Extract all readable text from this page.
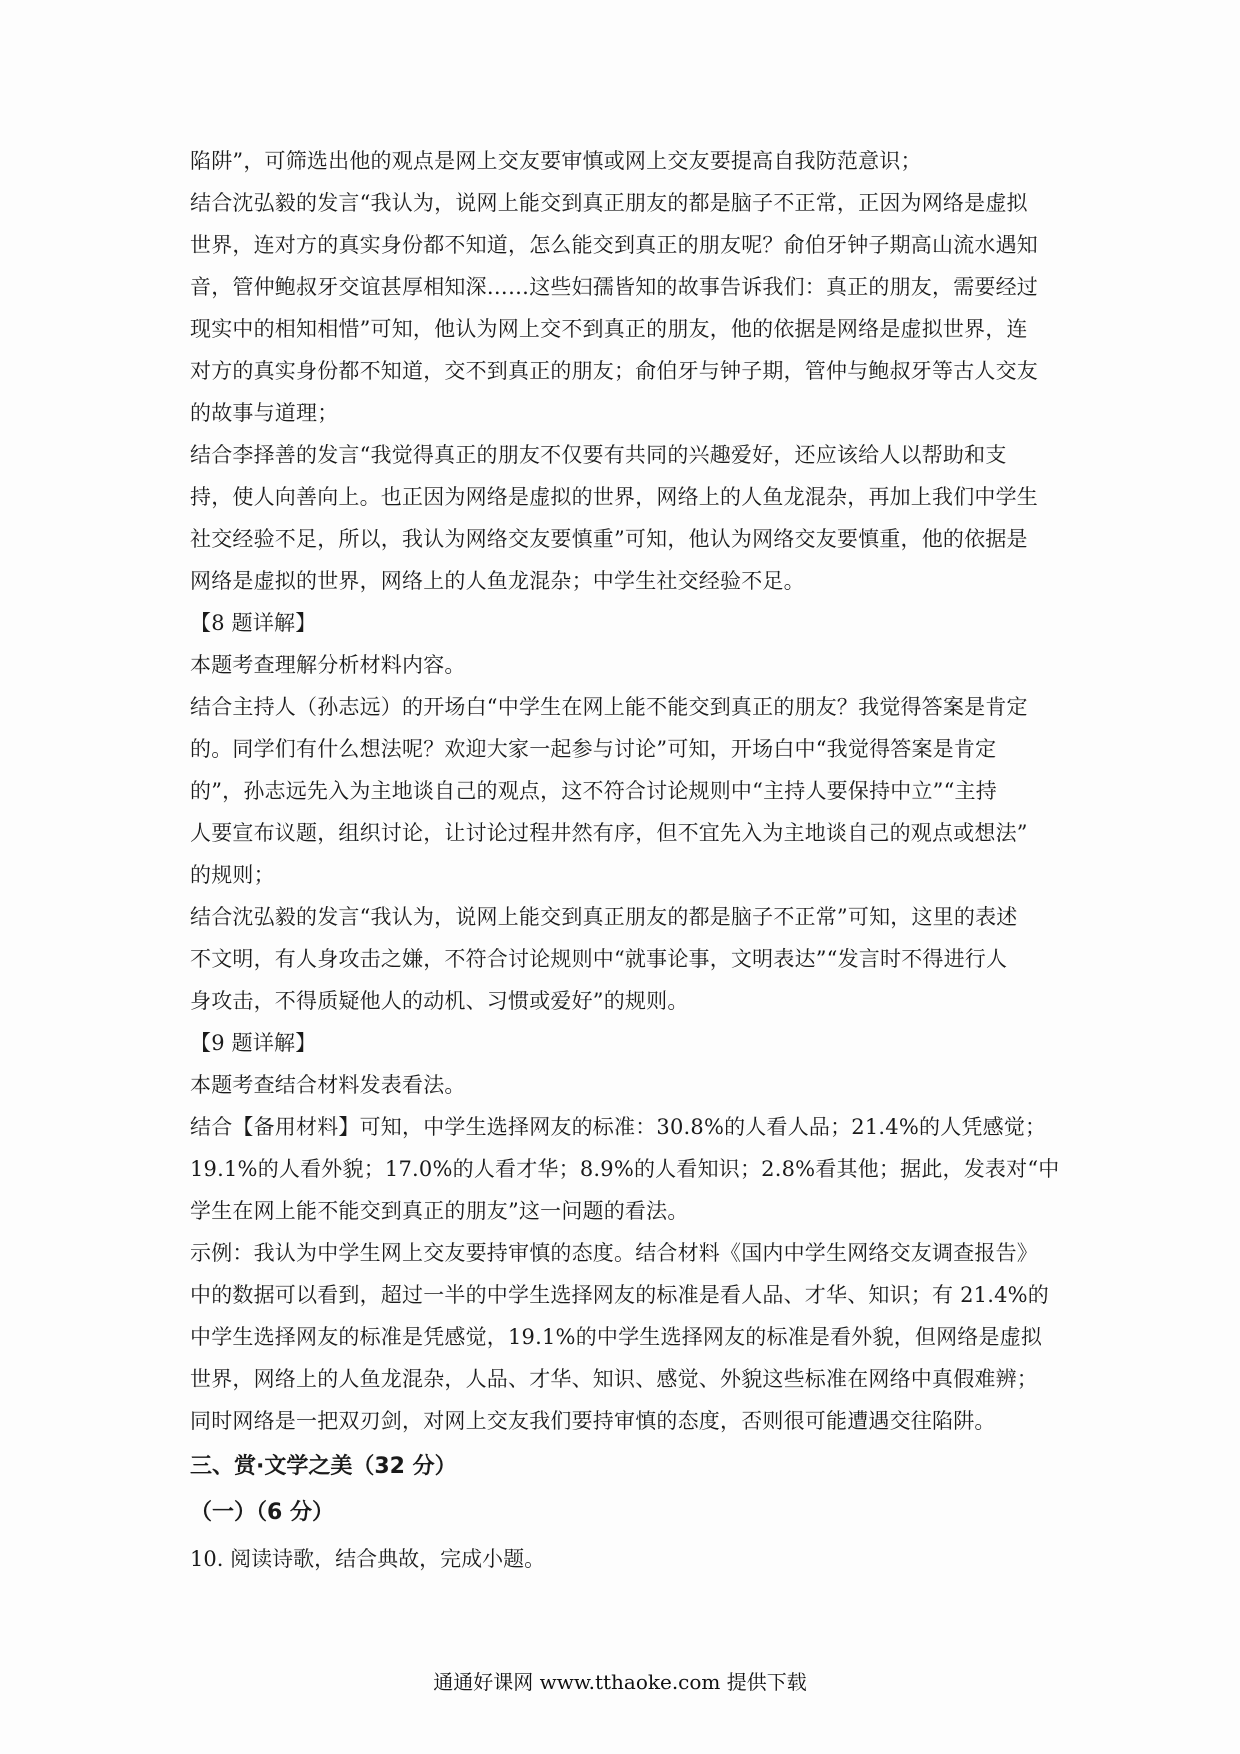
陷阱”，可筛选出他的观点是网上交友要审慎或网上交友要提高自我防范意识；
结合沈弘毅的发言“我认为，说网上能交到真正朋友的都是脑子不正常，正因为网络是虚拟
世界，连对方的真实身份都不知道，怎么能交到真正的朋友呢？俞伯牙钟子期高山流水遇知
音，管仲鲍叔牙交谊甚厚相知深……这些妇孺皆知的故事告诉我们：真正的朋友，需要经过
现实中的相知相惜”可知，他认为网上交不到真正的朋友，他的依据是网络是虚拟世界，连
对方的真实身份都不知道，交不到真正的朋友；俞伯牙与钟子期，管仲与鲍叔牙等古人交友
的故事与道理；
结合李择善的发言“我觉得真正的朋友不仅要有共同的兴趣爱好，还应该给人以帮助和支
持，使人向善向上。也正因为网络是虚拟的世界，网络上的人鱼龙混杂，再加上我们中学生
社交经验不足，所以，我认为网络交友要慎重”可知，他认为网络交友要慎重，他的依据是
网络是虚拟的世界，网络上的人鱼龙混杂；中学生社交经验不足。
【8 题详解】
本题考查理解分析材料内容。
结合主持人（孙志远）的开场白“中学生在网上能不能交到真正的朋友？我觉得答案是肯定
的。同学们有什么想法呢？欢迎大家一起参与讨论”可知，开场白中“我觉得答案是肯定
的”，孙志远先入为主地谈自己的观点，这不符合讨论规则中“主持人要保持中立”“主持
人要宣布议题，组织讨论，让讨论过程井然有序，但不宜先入为主地谈自己的观点或想法”
的规则；
结合沈弘毅的发言“我认为，说网上能交到真正朋友的都是脑子不正常”可知，这里的表述
不文明，有人身攻击之嫌，不符合讨论规则中“就事论事，文明表达”“发言时不得进行人
身攻击，不得质疑他人的动机、习惯或爱好”的规则。
【9 题详解】
本题考查结合材料发表看法。
结合【备用材料】可知，中学生选择网友的标准：30.8%的人看人品；21.4%的人凭感觉；
19.1%的人看外貌；17.0%的人看才华；8.9%的人看知识；2.8%看其他；据此，发表对“中
学生在网上能不能交到真正的朋友”这一问题的看法。
示例：我认为中学生网上交友要持审慎的态度。结合材料《国内中学生网络交友调查报告》
中的数据可以看到，超过一半的中学生选择网友的标准是看人品、才华、知识；有 21.4%的
中学生选择网友的标准是凭感觉，19.1%的中学生选择网友的标准是看外貌，但网络是虚拟
世界，网络上的人鱼龙混杂，人品、才华、知识、感觉、外貌这些标准在网络中真假难辨；
同时网络是一把双刃剑，对网上交友我们要持审慎的态度，否则很可能遭遇交往陷阱。
三、赏·文学之美（32 分）
（一）（6 分）
10. 阅读诗歌，结合典故，完成小题。
通通好课网 www.tthaoke.com 提供下载
